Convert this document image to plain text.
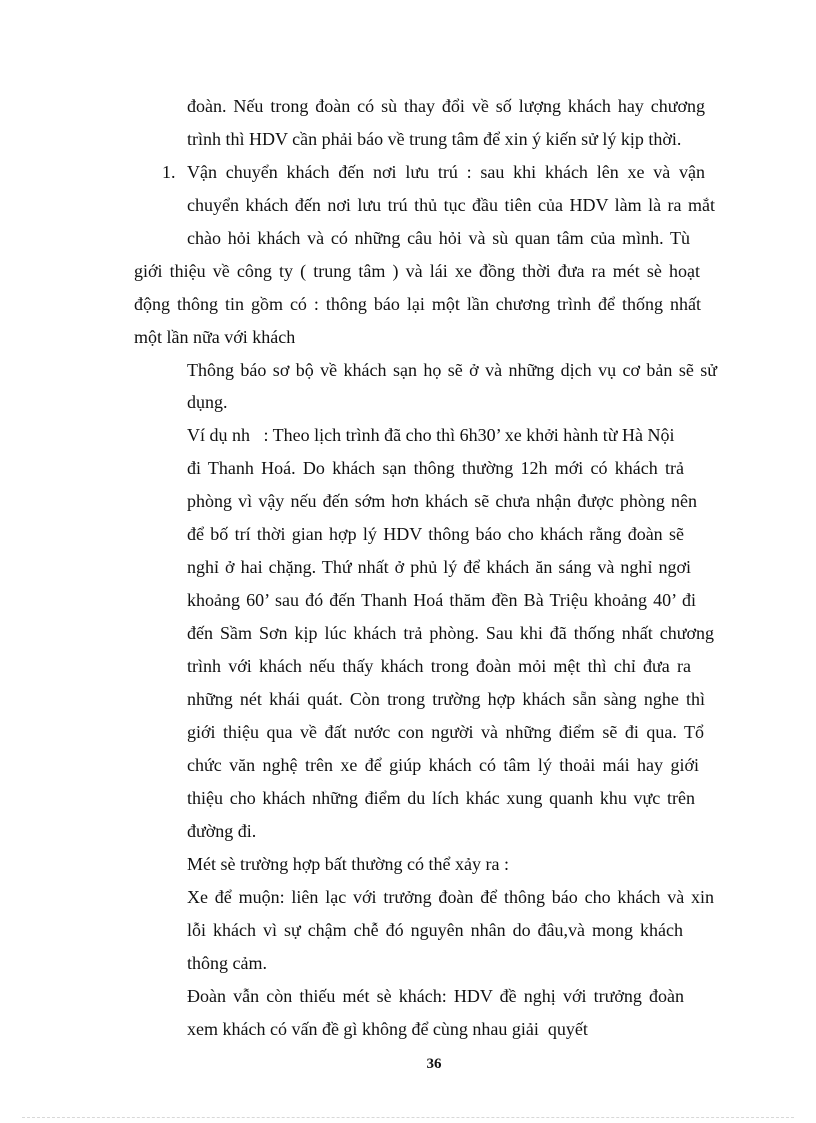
đoàn. Nếu trong đoàn có sù thay đổi về số lượng khách hay chương

trình thì HDV cần phải báo về trung tâm để xin ý kiến sử lý kịp thời.

1. Vận chuyển khách đến nơi lưu trú : sau khi khách lên xe và vận

chuyển khách đến nơi lưu trú thủ tục đầu tiên của HDV làm là ra mắt

chào hỏi khách và có những câu hỏi và sù quan tâm của mình. Tù

giới thiệu về công ty ( trung tâm ) và lái xe đồng thời đưa ra mét sè hoạt

động thông tin gồm có : thông báo lại một lần chương trình để thống nhất

một lần nữa với khách

Thông báo sơ bộ về khách sạn họ sẽ ở và những dịch vụ cơ bản sẽ sử

dụng.

Ví dụ nh   : Theo lịch trình đã cho thì 6h30’ xe khởi hành từ Hà Nội

đi Thanh Hoá. Do khách sạn thông thường 12h mới có khách trả

phòng vì vậy nếu đến sớm hơn khách sẽ chưa nhận được phòng nên

để bố trí thời gian hợp lý HDV thông báo cho khách rằng đoàn sẽ

nghỉ ở hai chặng. Thứ nhất ở phủ lý để khách ăn sáng và nghỉ ngơi

khoảng 60’ sau đó đến Thanh Hoá thăm đền Bà Triệu khoảng 40’ đi

đến Sầm Sơn kịp lúc khách trả phòng. Sau khi đã thống nhất chương

trình với khách nếu thấy khách trong đoàn mỏi mệt thì chỉ đưa ra

những nét khái quát. Còn trong trường hợp khách sẵn sàng nghe thì

giới thiệu qua về đất nước con người và những điểm sẽ đi qua. Tổ

chức văn nghệ trên xe để giúp khách có tâm lý thoải mái hay giới

thiệu cho khách những điểm du lích khác xung quanh khu vực trên

đường đi.

Mét sè trường hợp bất thường có thể xảy ra :

Xe để muộn: liên lạc với trưởng đoàn để thông báo cho khách và xin

lỗi khách vì sự chậm chễ đó nguyên nhân do đâu,và mong khách

thông cảm.

Đoàn vẫn còn thiếu mét sè khách: HDV đề nghị với trưởng đoàn

xem khách có vấn đề gì không để cùng nhau giải  quyết

36
